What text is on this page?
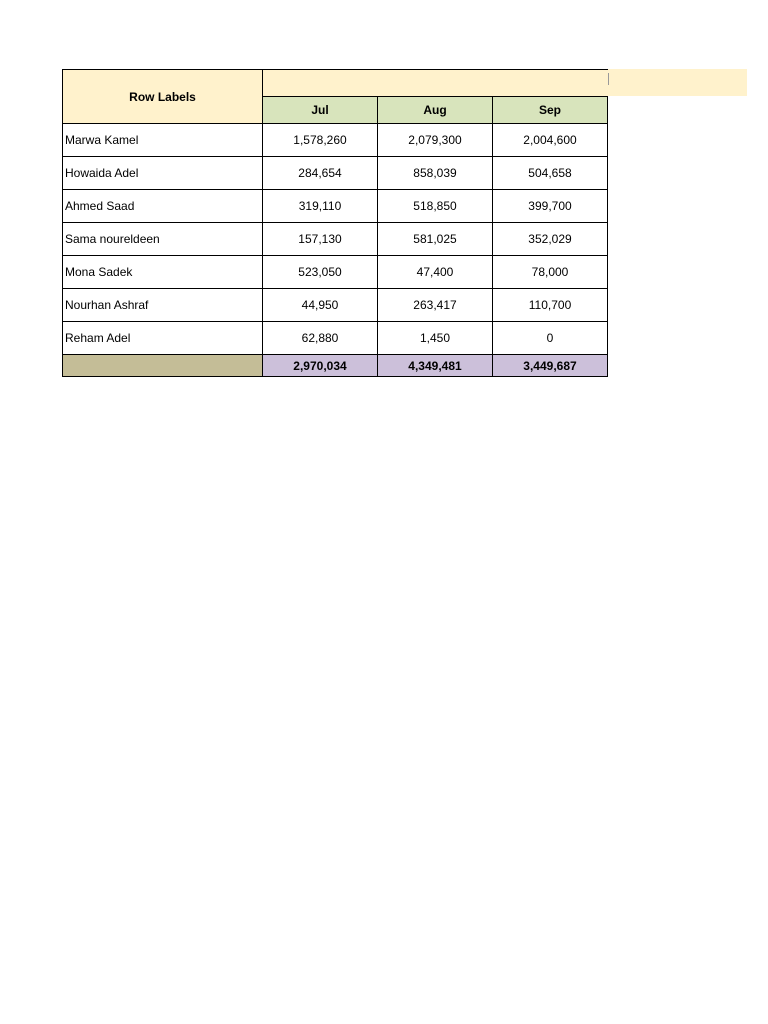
Row Labels			
	Jul	Aug	Sep
Marwa Kamel	1,578,260	2,079,300	2,004,600
Howaida Adel	284,654	858,039	504,658
Ahmed Saad	319,110	518,850	399,700
Sama noureldeen	157,130	581,025	352,029
Mona Sadek	523,050	47,400	78,000
Nourhan Ashraf	44,950	263,417	110,700
Reham Adel	62,880	1,450	0
	2,970,034	4,349,481	3,449,687
